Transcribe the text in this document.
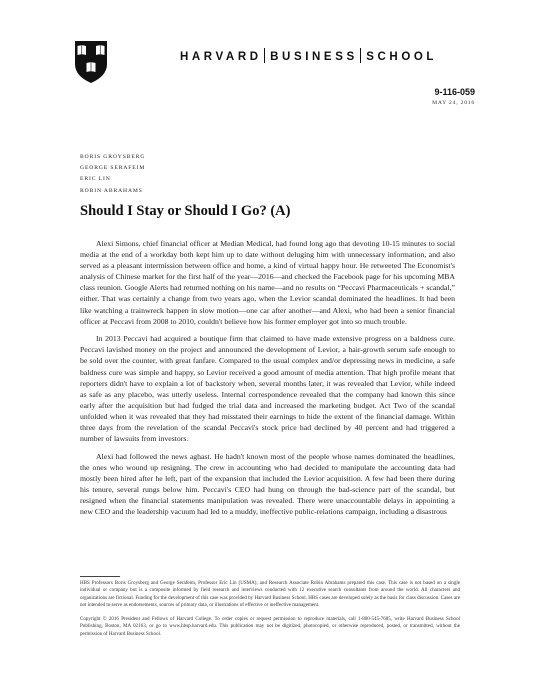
HARVARD BUSINESS SCHOOL
9-116-059
MAY 24, 2016
BORIS GROYSBERG
GEORGE SERAFEIM
ERIC LIN
ROBIN ABRAHAMS
Should I Stay or Should I Go? (A)

Alexi Simons, chief financial officer at Median Medical, had found long ago that devoting 10-15 minutes to social media at the end of a workday both kept him up to date without deluging him with unnecessary information, and also served as a pleasant intermission between office and home, a kind of virtual happy hour. He retweeted The Economist's analysis of Chinese market for the first half of the year—2016—and checked the Facebook page for his upcoming MBA class reunion. Google Alerts had returned nothing on his name—and no results on “Peccavi Pharmaceuticals + scandal,” either. That was certainly a change from two years ago, when the Levior scandal dominated the headlines. It had been like watching a trainwreck happen in slow motion—one car after another—and Alexi, who had been a senior financial officer at Peccavi from 2008 to 2010, couldn't believe how his former employer got into so much trouble.

In 2013 Peccavi had acquired a boutique firm that claimed to have made extensive progress on a baldness cure. Peccavi lavished money on the project and announced the development of Levior, a hair-growth serum safe enough to be sold over the counter, with great fanfare. Compared to the usual complex and/or depressing news in medicine, a safe baldness cure was simple and happy, so Levior received a good amount of media attention. That high profile meant that reporters didn't have to explain a lot of backstory when, several months later, it was revealed that Levior, while indeed as safe as any placebo, was utterly useless. Internal correspondence revealed that the company had known this since early after the acquisition but had fudged the trial data and increased the marketing budget. Act Two of the scandal unfolded when it was revealed that they had misstated their earnings to hide the extent of the financial damage. Within three days from the revelation of the scandal Peccavi's stock price had declined by 40 percent and had triggered a number of lawsuits from investors.

Alexi had followed the news aghast. He hadn't known most of the people whose names dominated the headlines, the ones who wound up resigning. The crew in accounting who had decided to manipulate the accounting data had mostly been hired after he left, part of the expansion that included the Levior acquisition. A few had been there during his tenure, several rungs below him. Peccavi's CEO had hung on through the bad-science part of the scandal, but resigned when the financial statements manipulation was revealed. There were unaccountable delays in appointing a new CEO and the leadership vacuum had led to a muddy, ineffective public-relations campaign, including a disastrous

HBS Professors Boris Groysberg and George Serafeim, Professor Eric Lin (USMA), and Research Associate Robin Abrahams prepared this case. This case is not based on a single individual or company but is a composite informed by field research and interviews conducted with 12 executive search consultants from around the world. All characters and organizations are fictional. Funding for the development of this case was provided by Harvard Business School. HBS cases are developed solely as the basis for class discussion. Cases are not intended to serve as endorsements, sources of primary data, or illustrations of effective or ineffective management.

Copyright © 2016 President and Fellows of Harvard College. To order copies or request permission to reproduce materials, call 1-800-545-7685, write Harvard Business School Publishing, Boston, MA 02163, or go to www.hbsp.harvard.edu. This publication may not be digitized, photocopied, or otherwise reproduced, posted, or transmitted, without the permission of Harvard Business School.
